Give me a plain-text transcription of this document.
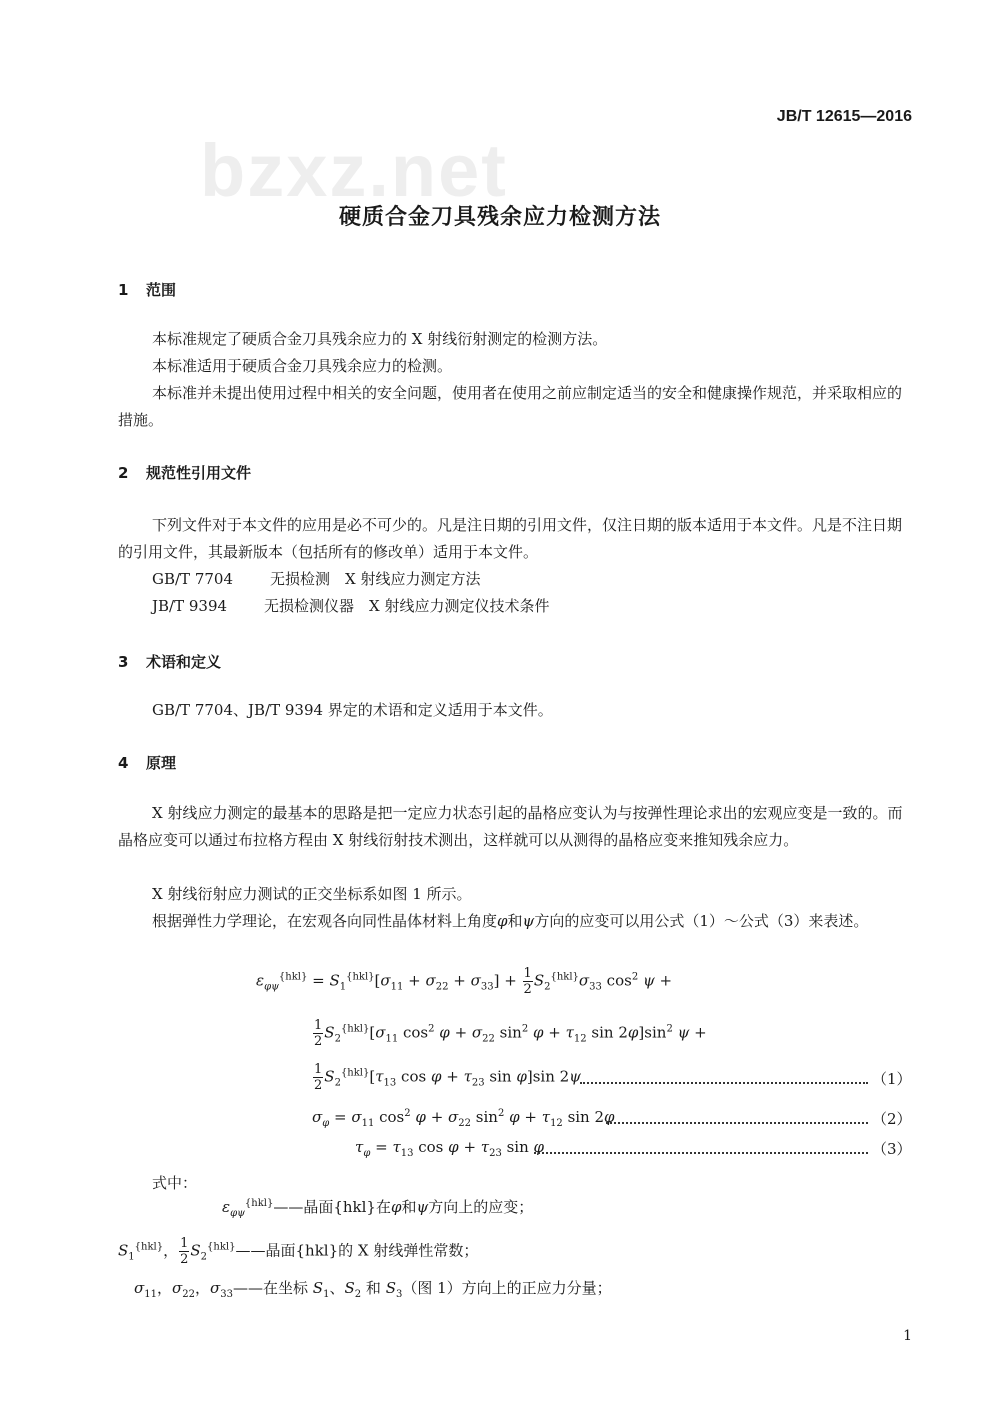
JB/T 12615—2016
bzxz.net
硬质合金刀具残余应力检测方法
1 范围
本标准规定了硬质合金刀具残余应力的 X 射线衍射测定的检测方法。
本标准适用于硬质合金刀具残余应力的检测。
本标准并未提出使用过程中相关的安全问题，使用者在使用之前应制定适当的安全和健康操作规范，并采取相应的措施。
2 规范性引用文件
下列文件对于本文件的应用是必不可少的。凡是注日期的引用文件，仅注日期的版本适用于本文件。凡是不注日期的引用文件，其最新版本（包括所有的修改单）适用于本文件。
GB/T 7704 无损检测　X 射线应力测定方法
JB/T 9394 无损检测仪器　X 射线应力测定仪技术条件
3 术语和定义
GB/T 7704、JB/T 9394 界定的术语和定义适用于本文件。
4 原理
X 射线应力测定的最基本的思路是把一定应力状态引起的晶格应变认为与按弹性理论求出的宏观应变是一致的。而晶格应变可以通过布拉格方程由 X 射线衍射技术测出，这样就可以从测得的晶格应变来推知残余应力。
X 射线衍射应力测试的正交坐标系如图 1 所示。
根据弹性力学理论，在宏观各向同性晶体材料上角度φ和ψ方向的应变可以用公式（1）～公式（3）来表述。
$\varepsilon_{\varphi\psi}^{\{hkl\}} = S_1^{\{hkl\}}[\sigma_{11} + \sigma_{22} + \sigma_{33}] + \frac{1}{2} S_2^{\{hkl\}}\sigma_{33}$ $\cos^2 \psi$ +
$\frac{1}{2} S_2^{\{hkl\}}[\sigma_{11}$ $\cos^2 \varphi + \sigma_{22}$ $\sin^2 \varphi + \tau_{12}$ $\sin 2\varphi]\sin^2$ ψ +
$\frac{1}{2} S_2^{\{hkl\}}[\tau_{13}$ $\cos \varphi + \tau_{23}$ sin φ]sin 2ψ	（1）
$\sigma_\varphi = \sigma_{11}$ $\cos^2 \varphi + \sigma_{22}$ $\sin^2 \varphi + \tau_{12}$ sin 2φ	（2）
$\tau_\varphi = \tau_{13}$ $\cos \varphi + \tau_{23}$ sin φ	（3）
式中：
$\varepsilon_{\varphi\psi}^{\{hkl\}}——$晶面{hkl}在φ和ψ方向上的应变；
$S_1^{\{hkl\}}$， $\frac{1}{2}$ $S_2^{\{hkl\}}——$晶面{hkl}的 X 射线弹性常数；
$\sigma_{11}$，$\sigma_{22}$，$\sigma_{33}——$在坐标 $S_1$、$S_2$ 和 $S_3$（图 1）方向上的正应力分量；
1
